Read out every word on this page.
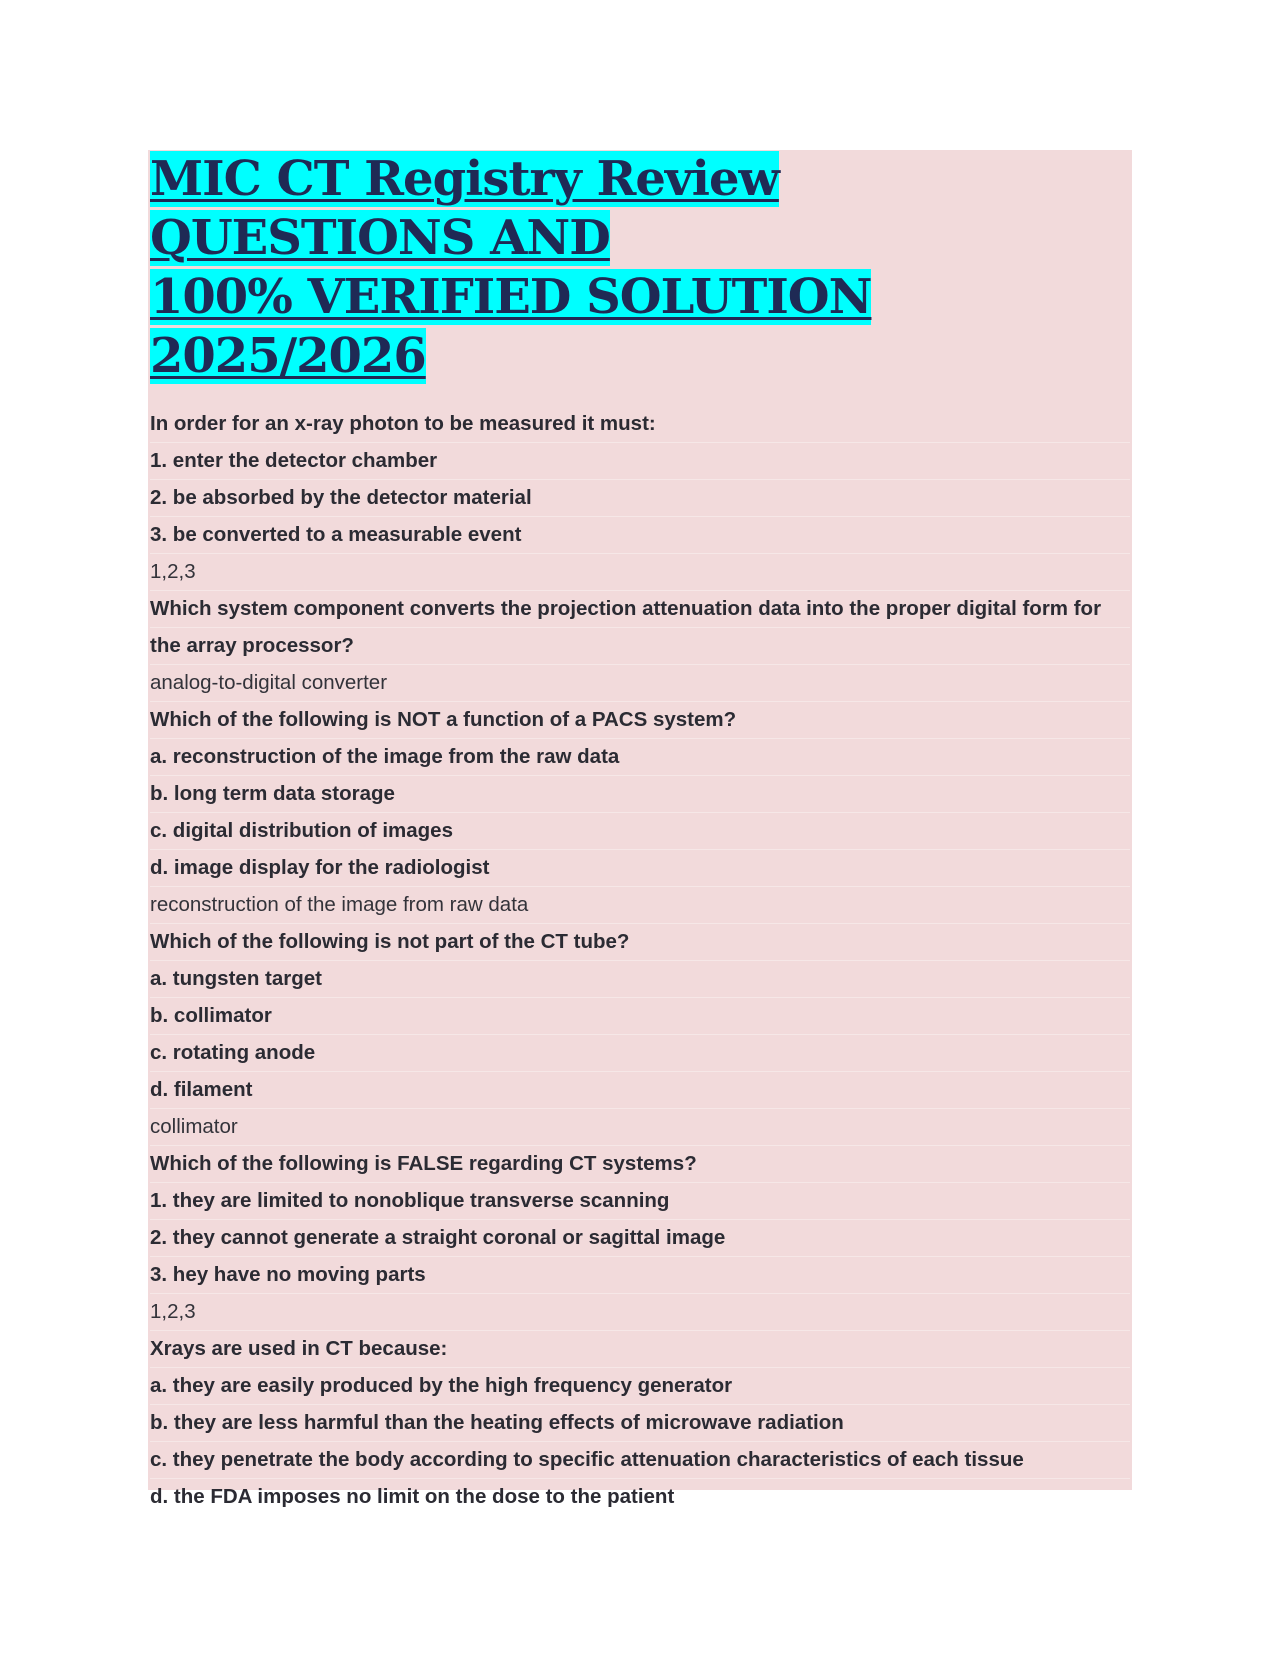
MIC CT Registry Review QUESTIONS AND
100% VERIFIED SOLUTION 2025/2026

In order for an x-ray photon to be measured it must:

1. enter the detector chamber

2. be absorbed by the detector material

3. be converted to a measurable event

1,2,3

Which system component converts the projection attenuation data into the proper digital form for

the array processor?

analog-to-digital converter

Which of the following is NOT a function of a PACS system?

a. reconstruction of the image from the raw data

b. long term data storage

c. digital distribution of images

d. image display for the radiologist

reconstruction of the image from raw data

Which of the following is not part of the CT tube?

a. tungsten target

b. collimator

c. rotating anode

d. filament

collimator

Which of the following is FALSE regarding CT systems?

1. they are limited to nonoblique transverse scanning

2. they cannot generate a straight coronal or sagittal image

3. hey have no moving parts

1,2,3

Xrays are used in CT because:

a. they are easily produced by the high frequency generator

b. they are less harmful than the heating effects of microwave radiation

c. they penetrate the body according to specific attenuation characteristics of each tissue

d. the FDA imposes no limit on the dose to the patient
